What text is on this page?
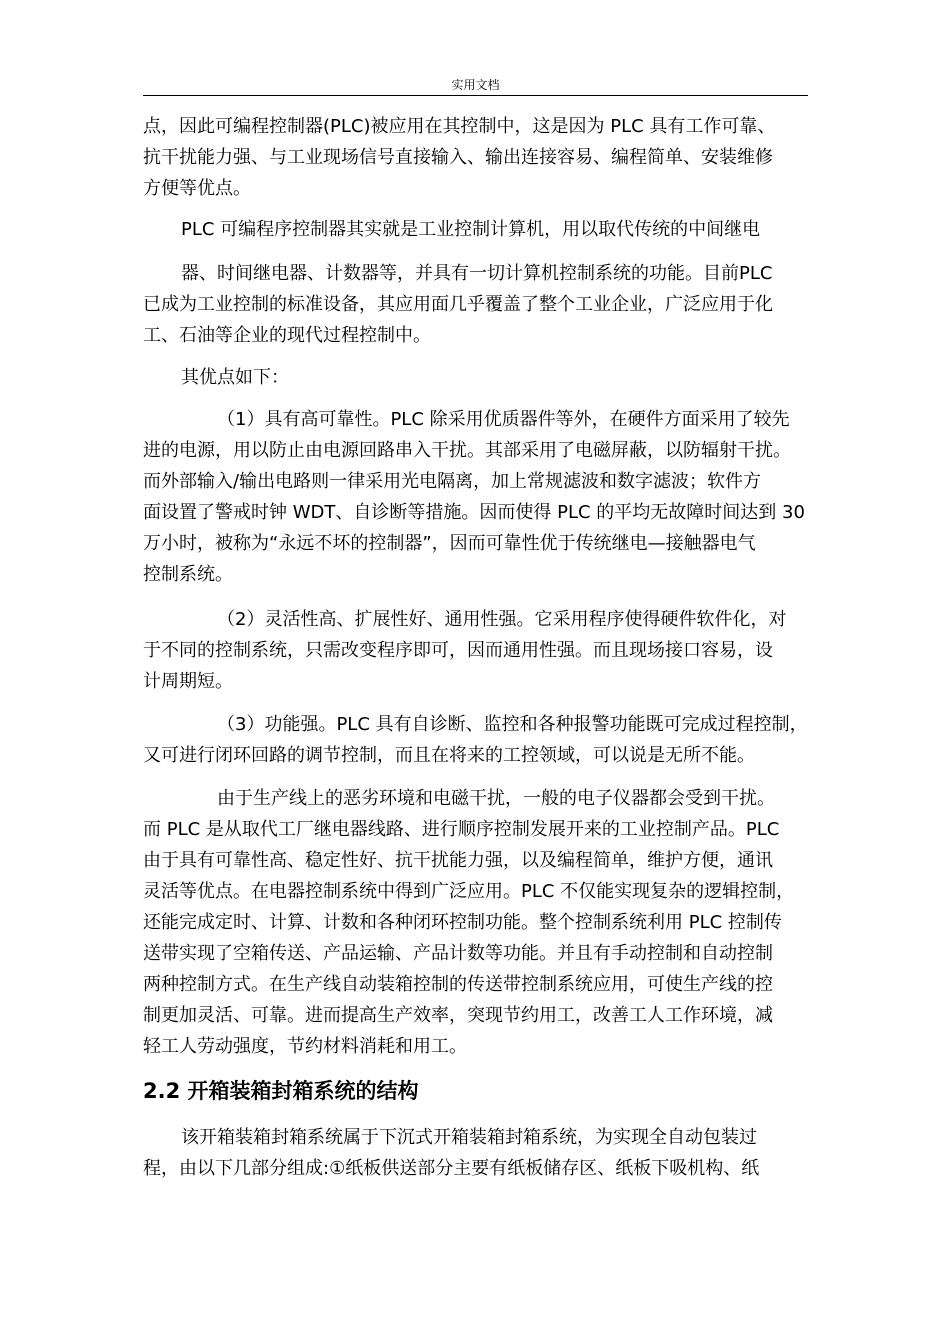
实用文档
点，因此可编程控制器(PLC)被应用在其控制中，这是因为 PLC 具有工作可靠、
抗干扰能力强、与工业现场信号直接输入、输出连接容易、编程简单、安装维修
方便等优点。
PLC 可编程序控制器其实就是工业控制计算机，用以取代传统的中间继电
器、时间继电器、计数器等，并具有一切计算机控制系统的功能。目前PLC
已成为工业控制的标准设备，其应用面几乎覆盖了整个工业企业，广泛应用于化
工、石油等企业的现代过程控制中。
其优点如下：
（1）具有高可靠性。PLC 除采用优质器件等外，在硬件方面采用了较先
进的电源，用以防止由电源回路串入干扰。其部采用了电磁屏蔽，以防辐射干扰。
而外部输入/输出电路则一律采用光电隔离，加上常规滤波和数字滤波；软件方
面设置了警戒时钟 WDT、自诊断等措施。因而使得 PLC 的平均无故障时间达到 30
万小时，被称为“永远不坏的控制器”，因而可靠性优于传统继电—接触器电气
控制系统。
（2）灵活性高、扩展性好、通用性强。它采用程序使得硬件软件化，对
于不同的控制系统，只需改变程序即可，因而通用性强。而且现场接口容易，设
计周期短。
（3）功能强。PLC 具有自诊断、监控和各种报警功能既可完成过程控制，
又可进行闭环回路的调节控制，而且在将来的工控领域，可以说是无所不能。
由于生产线上的恶劣环境和电磁干扰，一般的电子仪器都会受到干扰。
而 PLC 是从取代工厂继电器线路、进行顺序控制发展开来的工业控制产品。PLC
由于具有可靠性高、稳定性好、抗干扰能力强，以及编程简单，维护方便，通讯
灵活等优点。在电器控制系统中得到广泛应用。PLC 不仅能实现复杂的逻辑控制，
还能完成定时、计算、计数和各种闭环控制功能。整个控制系统利用 PLC 控制传
送带实现了空箱传送、产品运输、产品计数等功能。并且有手动控制和自动控制
两种控制方式。在生产线自动装箱控制的传送带控制系统应用，可使生产线的控
制更加灵活、可靠。进而提高生产效率，突现节约用工，改善工人工作环境，减
轻工人劳动强度，节约材料消耗和用工。
2.2 开箱装箱封箱系统的结构
该开箱装箱封箱系统属于下沉式开箱装箱封箱系统，为实现全自动包装过
程，由以下几部分组成:①纸板供送部分主要有纸板储存区、纸板下吸机构、纸
